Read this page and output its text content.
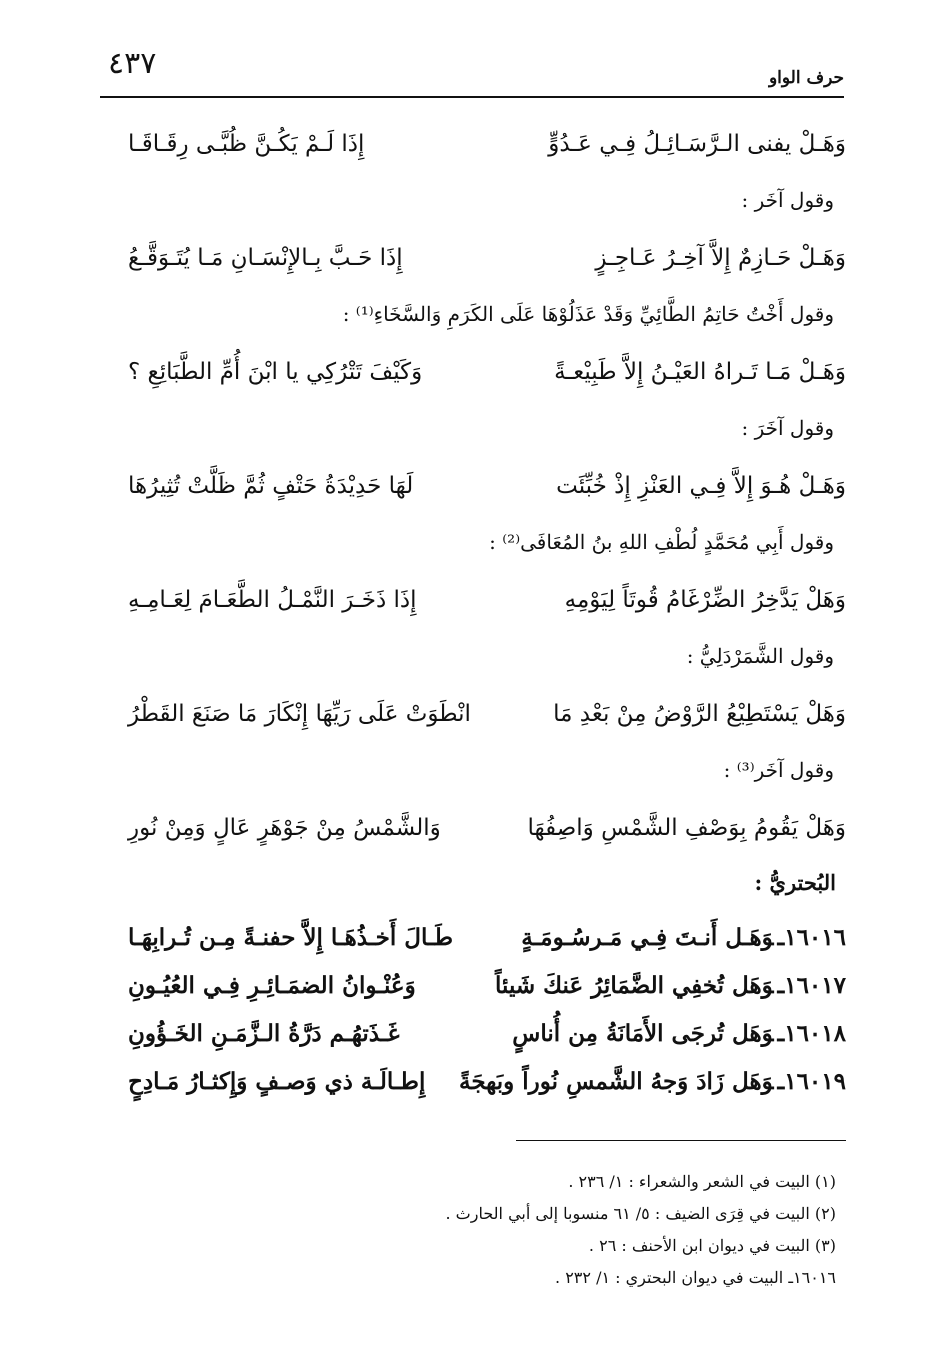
٤٣٧	حرف الواو
وَهَـلْ يفنى الـرَّسَـائِـلُ فِـي عَـدُوٍّ
إِذَا لَـمْ يَكُـنَّ ظُبَّـى رِقَـاقَـا
وقول آخَر :
وَهَـلْ حَـازِمٌ إِلاَّ آخِـرُ عَـاجِـزٍ
إِذَا حَـبَّ بِـالإِنْسَـانِ مَـا يُتَـوَقَّـعُ
وقول أَخْتُ حَاتِمُ الطَّائِيِّ وَقَدْ عَذَلُوْهَا عَلَى الكَرَمِ وَالسَّخَاءِ⁽¹⁾ :
وَهَـلْ مَـا تَـراهُ العَيْـنُ إِلاَّ طَبِيْعـةً
وَكَيْفَ تَتْرُكِي يا ابْنَ أُمِّ الطَّبَائِعِ ؟
وقول آخَرَ :
وَهَـلْ هُـوَ إِلاَّ فِـي العَنْزِ إِذْ خُبِّئَت
لَهَا حَدِيْدَةُ حَتْفٍ ثُمَّ ظَلَّتْ تُثِيرُهَا
وقول أَبِي مُحَمَّدٍ لُطْفِ اللهِ بنُ المُعَافَى⁽²⁾ :
وَهَلْ يَدَّخِرُ الضِّرْغَامُ قُوتَاً لِيَوْمِهِ
إِذَا ذَخَـرَ النَّمْـلُ الطَّعَـامَ لِعَـامِـهِ
وقول الشَّمَرْدَلِيُّ :
وَهَلْ يَسْتَطِيْعُ الرَّوْضُ مِنْ بَعْدِ مَا
انْطَوَتْ عَلَى رَيِّهَا إِنْكَارَ مَا صَنَعَ القَطْرُ
وقول آخَر⁽³⁾ :
وَهَلْ يَقُومُ بِوَصْفِ الشَّمْسِ وَاصِفُهَا
وَالشَّمْسُ مِنْ جَوْهَرٍ عَالٍ وَمِنْ نُورِ
البُحتريُّ :
١٦٠١٦ـوَهَـل أَنـتَ فِـي مَـرسُـومَـةٍ
طَـالَ أَخـذُهَـا إِلاَّ حفنـةً مِـن تُـرابِهَـا
١٦٠١٧ـوَهَل تُخفِي الضَّمَائِرُ عَنكَ شَيئاً
وَعُنْـوانُ الضمَـائِـرِ فِـي العُيُـونِ
١٦٠١٨ـوَهَل تُرجَى الأَمَانَةُ مِن أُناسٍ
غَـذَتهُـم دَرَّةُ الـزَّمَـنِ الخَـؤُونِ
١٦٠١٩ـوَهَل زَادَ وَجهُ الشَّمسِ نُوراً وبَهجَةً
إِطـالَـة ذي وَصـفٍ وَإِكثـارُ مَـادِحٍ
(١) البيت في الشعر والشعراء : ١/ ٢٣٦ .
(٢) البيت في قِرَى الضيف : ٥/ ٦١ منسوبا إلى أبي الحارث .
(٣) البيت في ديوان ابن الأحنف : ٢٦ .
١٦٠١٦ـ البيت في ديوان البحتري : ١/ ٢٣٢ .
